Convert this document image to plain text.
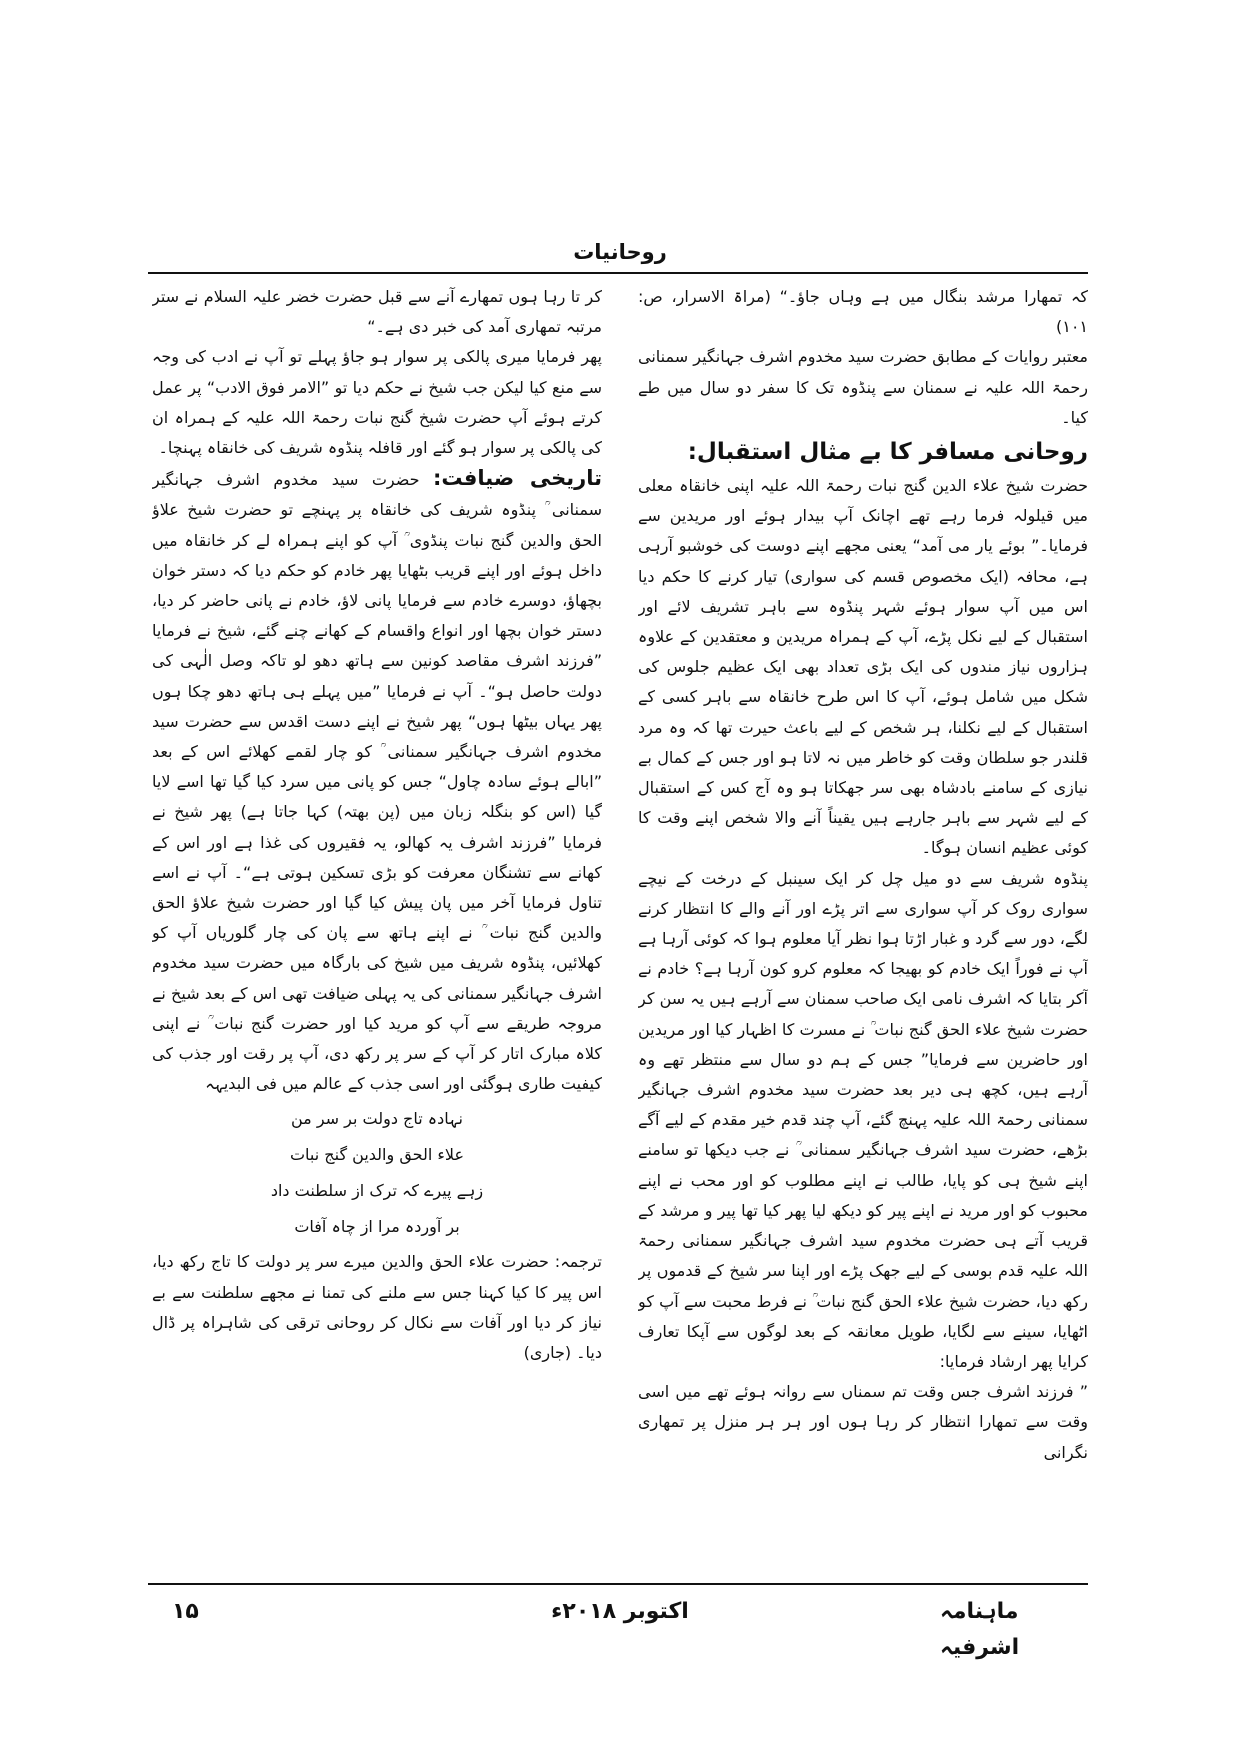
روحانیات

کہ تمھارا مرشد بنگال میں ہے وہاں جاؤ۔“ (مراۃ الاسرار، ص: ۱۰۱)

معتبر روایات کے مطابق حضرت سید مخدوم اشرف جہانگیر سمنانی رحمۃ اللہ علیہ نے سمنان سے پنڈوہ تک کا سفر دو سال میں طے کیا۔

روحانی مسافر کا بے مثال استقبال:

حضرت شیخ علاء الدین گنج نبات رحمۃ اللہ علیہ اپنی خانقاہ معلی میں قیلولہ فرما رہے تھے اچانک آپ بیدار ہوئے اور مریدین سے فرمایا۔” بوئے یار می آمد“ یعنی مجھے اپنے دوست کی خوشبو آرہی ہے، محافہ (ایک مخصوص قسم کی سواری) تیار کرنے کا حکم دیا اس میں آپ سوار ہوئے شہر پنڈوہ سے باہر تشریف لائے اور استقبال کے لیے نکل پڑے، آپ کے ہمراہ مریدین و معتقدین کے علاوہ ہزاروں نیاز مندوں کی ایک بڑی تعداد بھی ایک عظیم جلوس کی شکل میں شامل ہوئے، آپ کا اس طرح خانقاہ سے باہر کسی کے استقبال کے لیے نکلنا، ہر شخص کے لیے باعث حیرت تھا کہ وہ مرد قلندر جو سلطان وقت کو خاطر میں نہ لاتا ہو اور جس کے کمال بے نیازی کے سامنے بادشاہ بھی سر جھکاتا ہو وہ آج کس کے استقبال کے لیے شہر سے باہر جارہے ہیں یقیناً آنے والا شخص اپنے وقت کا کوئی عظیم انسان ہوگا۔

پنڈوہ شریف سے دو میل چل کر ایک سینبل کے درخت کے نیچے سواری روک کر آپ سواری سے اتر پڑے اور آنے والے کا انتظار کرنے لگے، دور سے گرد و غبار اڑتا ہوا نظر آیا معلوم ہوا کہ کوئی آرہا ہے آپ نے فوراً ایک خادم کو بھیجا کہ معلوم کرو کون آرہا ہے؟ خادم نے آکر بتایا کہ اشرف نامی ایک صاحب سمنان سے آرہے ہیں یہ سن کر حضرت شیخ علاء الحق گنج نبات ؒ نے مسرت کا اظہار کیا اور مریدین اور حاضرین سے فرمایا” جس کے ہم دو سال سے منتظر تھے وہ آرہے ہیں، کچھ ہی دیر بعد حضرت سید مخدوم اشرف جہانگیر سمنانی رحمۃ اللہ علیہ پہنچ گئے، آپ چند قدم خیر مقدم کے لیے آگے بڑھے، حضرت سید اشرف جہانگیر سمنانی ؒ نے جب دیکھا تو سامنے اپنے شیخ ہی کو پایا، طالب نے اپنے مطلوب کو اور محب نے اپنے محبوب کو اور مرید نے اپنے پیر کو دیکھ لیا پھر کیا تھا پیر و مرشد کے قریب آتے ہی حضرت مخدوم سید اشرف جہانگیر سمنانی رحمۃ اللہ علیہ قدم بوسی کے لیے جھک پڑے اور اپنا سر شیخ کے قدموں پر رکھ دیا، حضرت شیخ علاء الحق گنج نبات ؒ نے فرط محبت سے آپ کو اٹھایا، سینے سے لگایا، طویل معانقہ کے بعد لوگوں سے آپکا تعارف کرایا پھر ارشاد فرمایا:

” فرزند اشرف جس وقت تم سمناں سے روانہ ہوئے تھے میں اسی وقت سے تمھارا انتظار کر رہا ہوں اور ہر ہر منزل پر تمھاری نگرانی

کر تا رہا ہوں تمھارے آنے سے قبل حضرت خضر علیہ السلام نے ستر مرتبہ تمھاری آمد کی خبر دی ہے۔“

پھر فرمایا میری پالکی پر سوار ہو جاؤ پہلے تو آپ نے ادب کی وجہ سے منع کیا لیکن جب شیخ نے حکم دیا تو ”الامر فوق الادب“ پر عمل کرتے ہوئے آپ حضرت شیخ گنج نبات رحمۃ اللہ علیہ کے ہمراہ ان کی پالکی پر سوار ہو گئے اور قافلہ پنڈوہ شریف کی خانقاہ پہنچا۔

تاریخی ضیافت: حضرت سید مخدوم اشرف جہانگیر سمنانی ؒ پنڈوہ شریف کی خانقاہ پر پہنچے تو حضرت شیخ علاؤ الحق والدین گنج نبات پنڈوی ؒ آپ کو اپنے ہمراہ لے کر خانقاہ میں داخل ہوئے اور اپنے قریب بٹھایا پھر خادم کو حکم دیا کہ دستر خوان بچھاؤ، دوسرے خادم سے فرمایا پانی لاؤ، خادم نے پانی حاضر کر دیا، دستر خوان بچھا اور انواع واقسام کے کھانے چنے گئے، شیخ نے فرمایا ”فرزند اشرف مقاصد کونین سے ہاتھ دھو لو تاکہ وصل الٰہی کی دولت حاصل ہو“۔ آپ نے فرمایا ”میں پہلے ہی ہاتھ دھو چکا ہوں پھر یہاں بیٹھا ہوں“ پھر شیخ نے اپنے دست اقدس سے حضرت سید مخدوم اشرف جہانگیر سمنانی ؒ کو چار لقمے کھلائے اس کے بعد ”ابالے ہوئے سادہ چاول“ جس کو پانی میں سرد کیا گیا تھا اسے لایا گیا (اس کو بنگلہ زبان میں (پن بھتہ) کہا جاتا ہے) پھر شیخ نے فرمایا ”فرزند اشرف یہ کھالو، یہ فقیروں کی غذا ہے اور اس کے کھانے سے تشنگان معرفت کو بڑی تسکین ہوتی ہے“۔ آپ نے اسے تناول فرمایا آخر میں پان پیش کیا گیا اور حضرت شیخ علاؤ الحق والدین گنج نبات ؒ نے اپنے ہاتھ سے پان کی چار گلوریاں آپ کو کھلائیں، پنڈوہ شریف میں شیخ کی بارگاہ میں حضرت سید مخدوم اشرف جہانگیر سمنانی کی یہ پہلی ضیافت تھی اس کے بعد شیخ نے مروجہ طریقے سے آپ کو مرید کیا اور حضرت گنج نبات ؒ نے اپنی کلاہ مبارک اتار کر آپ کے سر پر رکھ دی، آپ پر رقت اور جذب کی کیفیت طاری ہوگئی اور اسی جذب کے عالم میں فی البدیہہ

نہادہ تاج دولت بر سر من
علاء الحق والدین گنج نبات
زہے پیرے کہ ترک از سلطنت داد
بر آوردہ مرا از چاہ آفات

ترجمہ: حضرت علاء الحق والدین میرے سر پر دولت کا تاج رکھ دیا، اس پیر کا کیا کہنا جس سے ملنے کی تمنا نے مجھے سلطنت سے بے نیاز کر دیا اور آفات سے نکال کر روحانی ترقی کی شاہراہ پر ڈال دیا۔ (جاری)

ماہنامہ اشرفیہ
اکتوبر ۲۰۱۸ء
۱۵
